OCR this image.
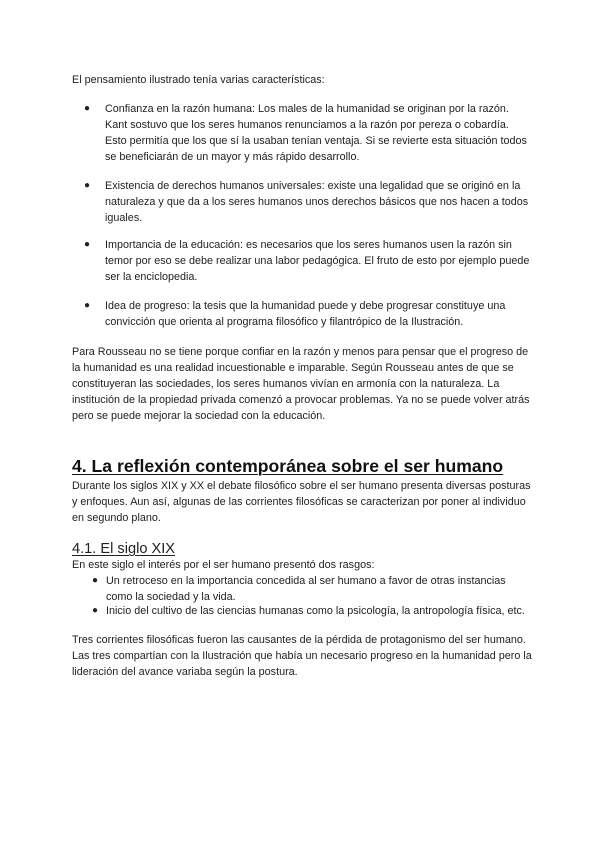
El pensamiento ilustrado tenía varias características:

●	Confianza en la razón humana: Los males de la humanidad se originan por la razón. Kant sostuvo que los seres humanos renunciamos a la razón por pereza o cobardía. Esto permitía que los que sí la usaban tenían ventaja. Si se revierte esta situación todos se beneficiarán de un mayor y más rápido desarrollo.
●	Existencia de derechos humanos universales: existe una legalidad que se originó en la naturaleza y que da a los seres humanos unos derechos básicos que nos hacen a todos iguales.
●	Importancia de la educación: es necesarios que los seres humanos usen la razón sin temor por eso se debe realizar una labor pedagógica. El fruto de esto por ejemplo puede ser la enciclopedia.
●	Idea de progreso: la tesis que la humanidad puede y debe progresar constituye una convicción que orienta al programa filosófico y filantrópico de la Ilustración.

Para Rousseau no se tiene porque confiar en la razón y menos para pensar que el progreso de la humanidad es una realidad incuestionable e imparable. Según Rousseau antes de que se constituyeran las sociedades, los seres humanos vivían en armonía con la naturaleza. La institución de la propiedad privada comenzó a provocar problemas. Ya no se puede volver atrás pero se puede mejorar la sociedad con la educación.

4. La reflexión contemporánea sobre el ser humano

Durante los siglos XIX y XX el debate filosófico sobre el ser humano presenta diversas posturas y enfoques. Aun así, algunas de las corrientes filosóficas se caracterizan por poner al individuo en segundo plano.

4.1. El siglo XIX

En este siglo el interés por el ser humano presentó dos rasgos:

● Un retroceso en la importancia concedida al ser humano a favor de otras instancias como la sociedad y la vida.
● Inicio del cultivo de las ciencias humanas como la psicología, la antropología física, etc.

Tres corrientes filosóficas fueron las causantes de la pérdida de protagonismo del ser humano. Las tres compartían con la Ilustración que había un necesario progreso en la humanidad pero la lideración del avance variaba según la postura.
